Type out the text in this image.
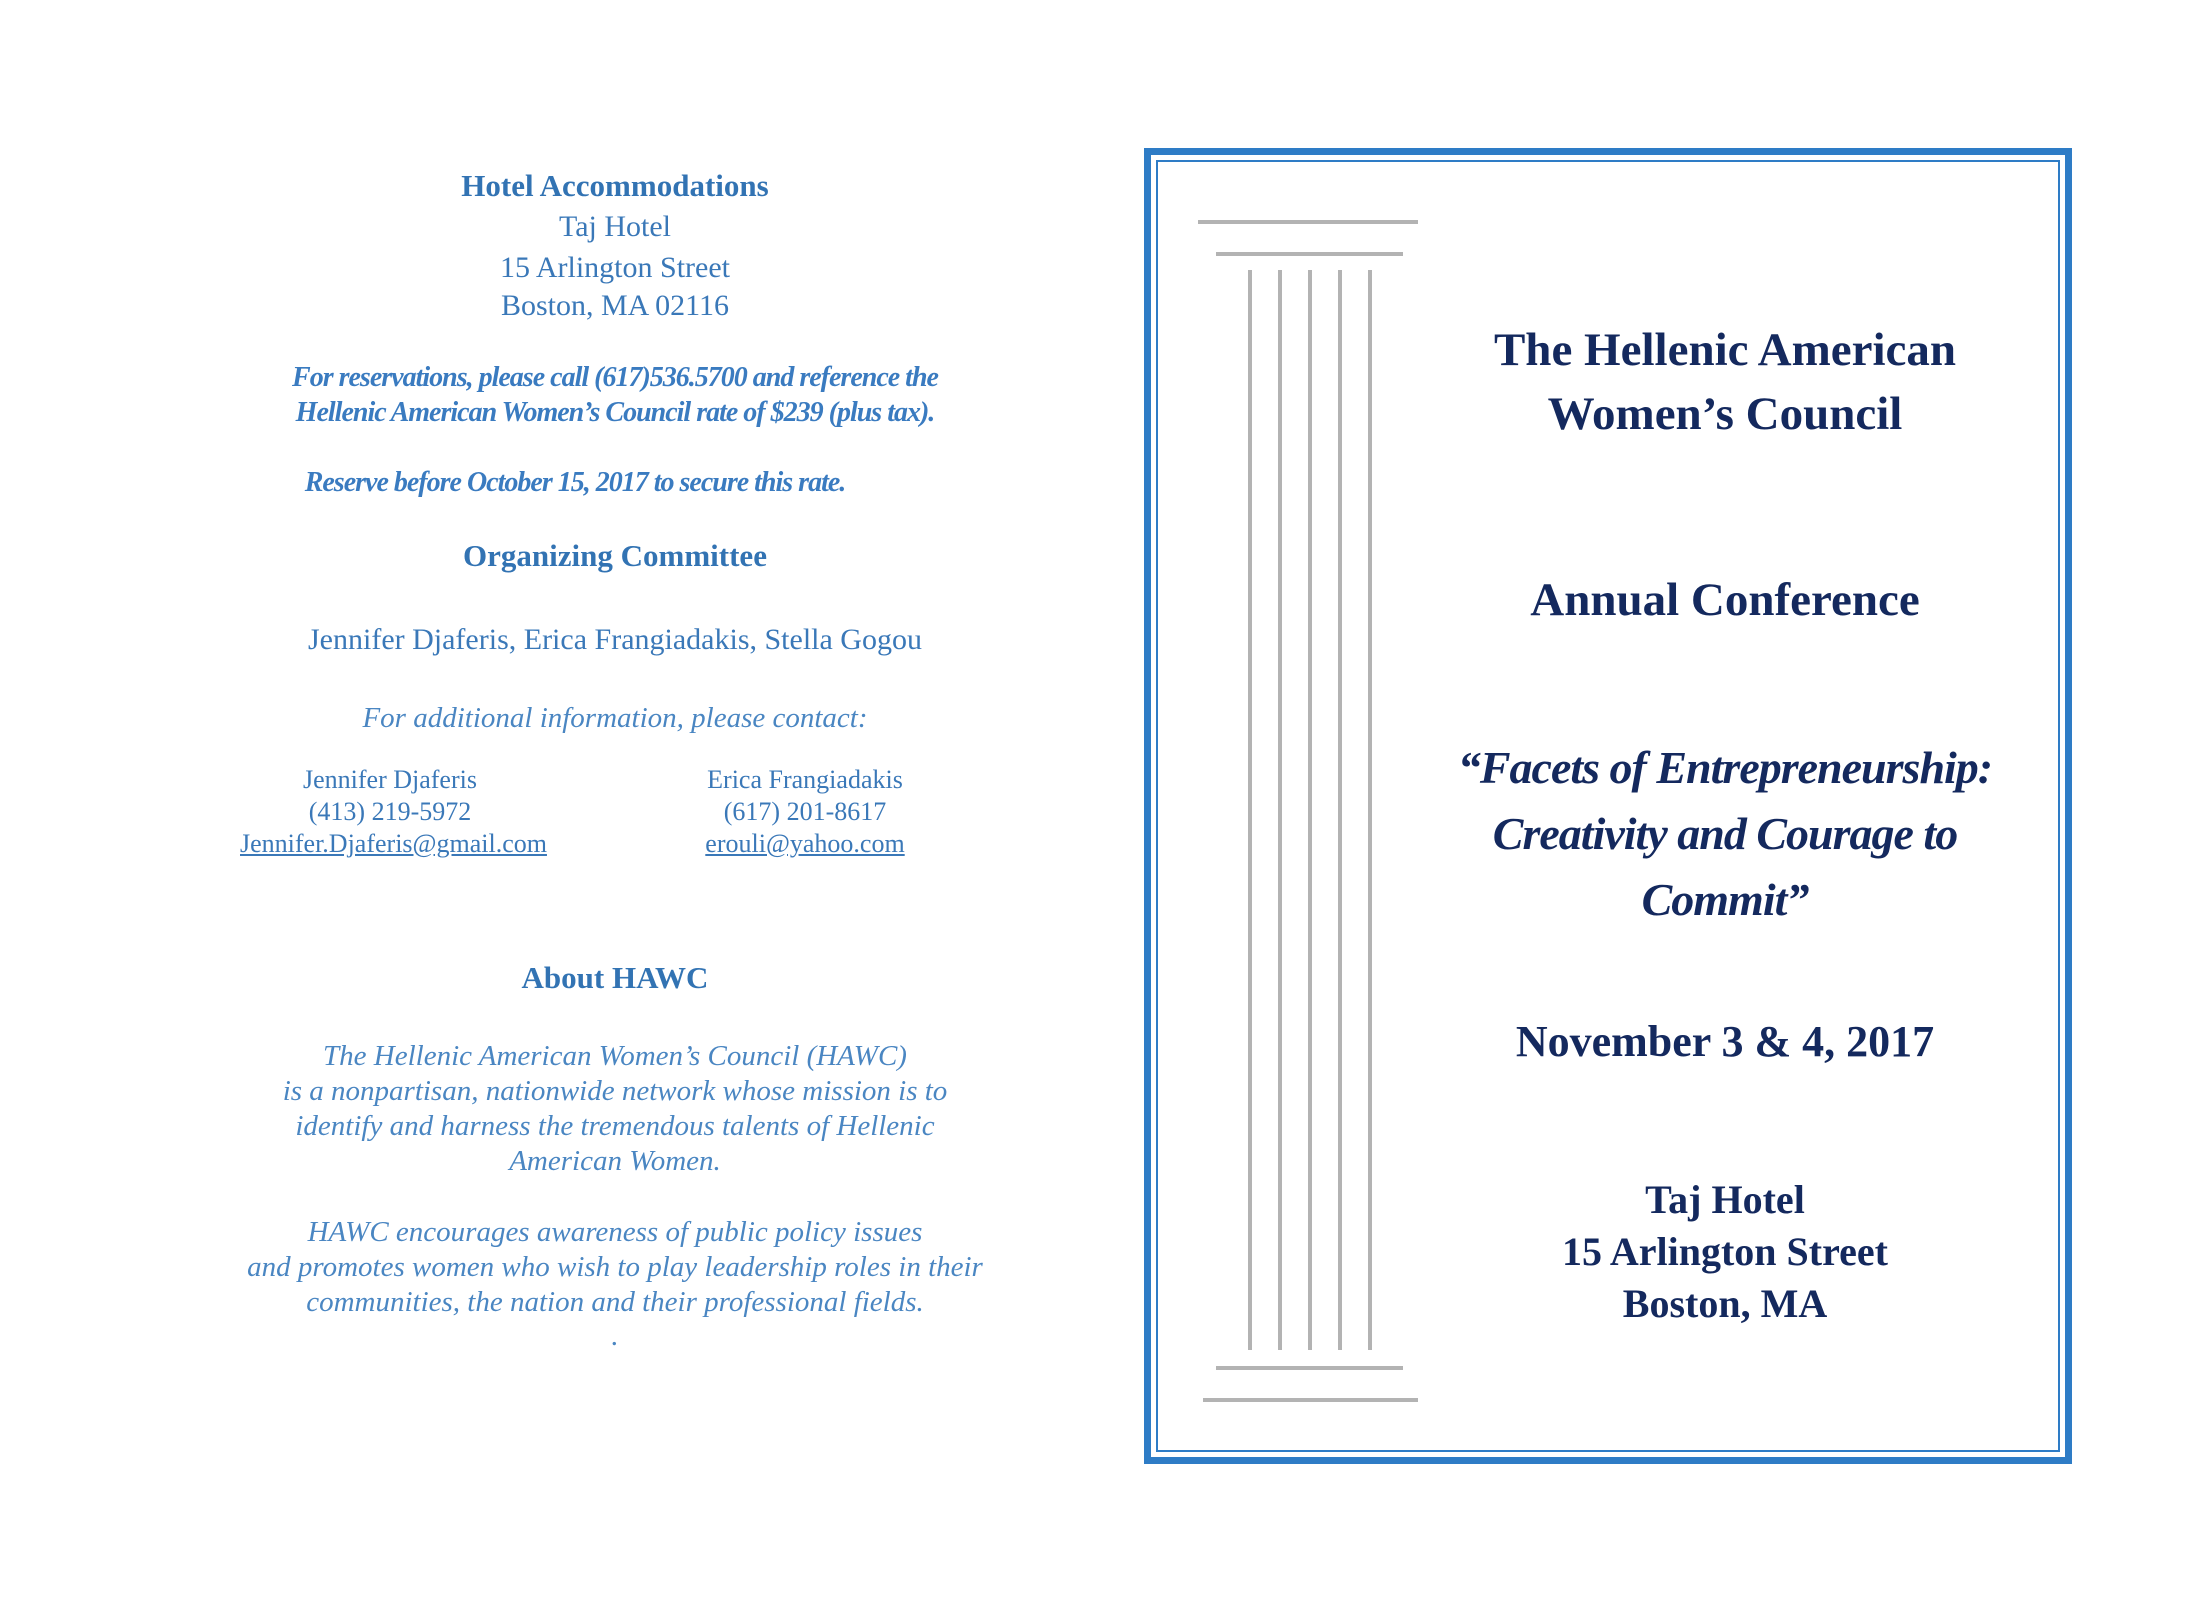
Hotel Accommodations
Taj Hotel
15 Arlington Street
Boston, MA 02116
For reservations, please call (617)536.5700 and reference the
Hellenic American Women’s Council rate of $239 (plus tax).
Reserve before October 15, 2017 to secure this rate.
Organizing Committee
Jennifer Djaferis, Erica Frangiadakis, Stella Gogou
For additional information, please contact:
Jennifer Djaferis
(413) 219-5972
Jennifer.Djaferis@gmail.com
Erica Frangiadakis
(617) 201-8617
erouli@yahoo.com
About HAWC
The Hellenic American Women’s Council (HAWC)
is a nonpartisan, nationwide network whose mission is to
identify and harness the tremendous talents of Hellenic
American Women.
HAWC encourages awareness of public policy issues
and promotes women who wish to play leadership roles in their
communities, the nation and their professional fields.
.
The Hellenic American
Women’s Council
Annual Conference
“Facets of Entrepreneurship:
Creativity and Courage to
Commit”
November 3 & 4, 2017
Taj Hotel
15 Arlington Street
Boston, MA
